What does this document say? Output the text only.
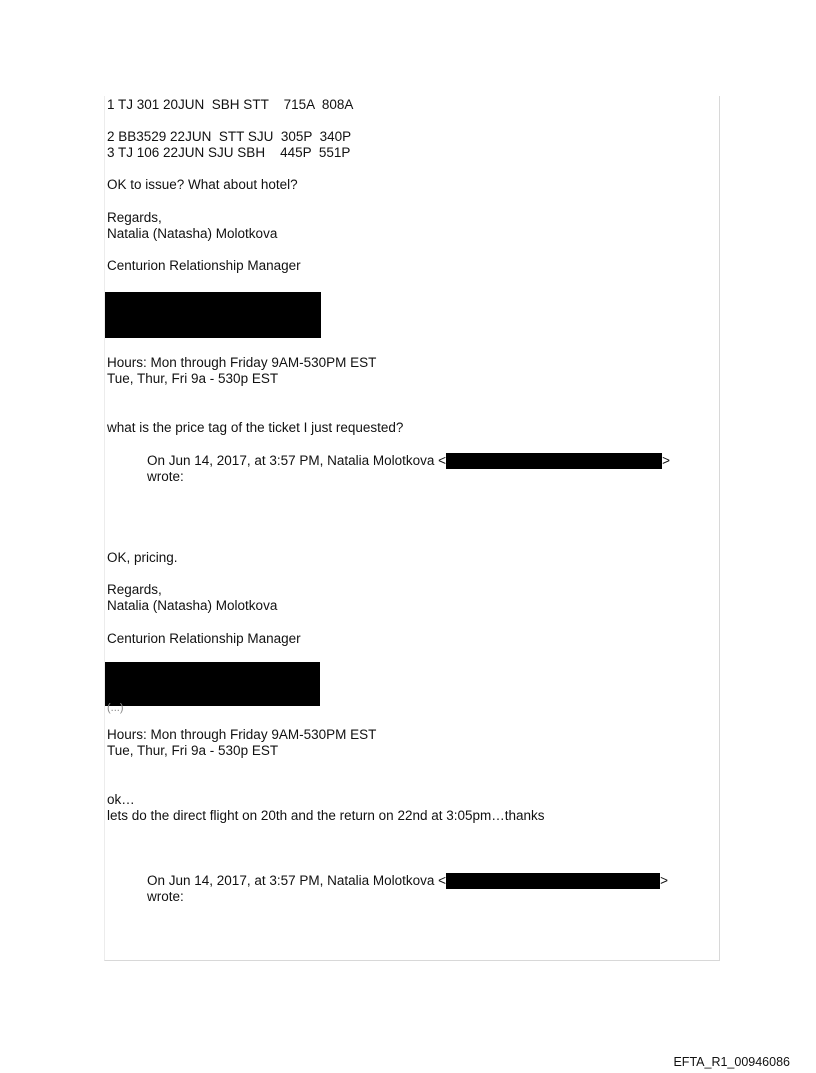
1 TJ 301 20JUN  SBH STT    715A  808A
2 BB3529 22JUN  STT SJU  305P  340P
3 TJ 106 22JUN SJU SBH    445P  551P
OK to issue? What about hotel?
Regards,
Natalia (Natasha) Molotkova
Centurion Relationship Manager
Hours: Mon through Friday 9AM-530PM EST
Tue, Thur, Fri 9a - 530p EST
what is the price tag of the ticket I just requested?
On Jun 14, 2017, at 3:57 PM, Natalia Molotkova <	>
wrote:
OK, pricing.
Regards,
Natalia (Natasha) Molotkova
Centurion Relationship Manager
(...)
Hours: Mon through Friday 9AM-530PM EST
Tue, Thur, Fri 9a - 530p EST
ok…
lets do the direct flight on 20th and the return on 22nd at 3:05pm…thanks
On Jun 14, 2017, at 3:57 PM, Natalia Molotkova <	>
wrote:
EFTA_R1_00946086
